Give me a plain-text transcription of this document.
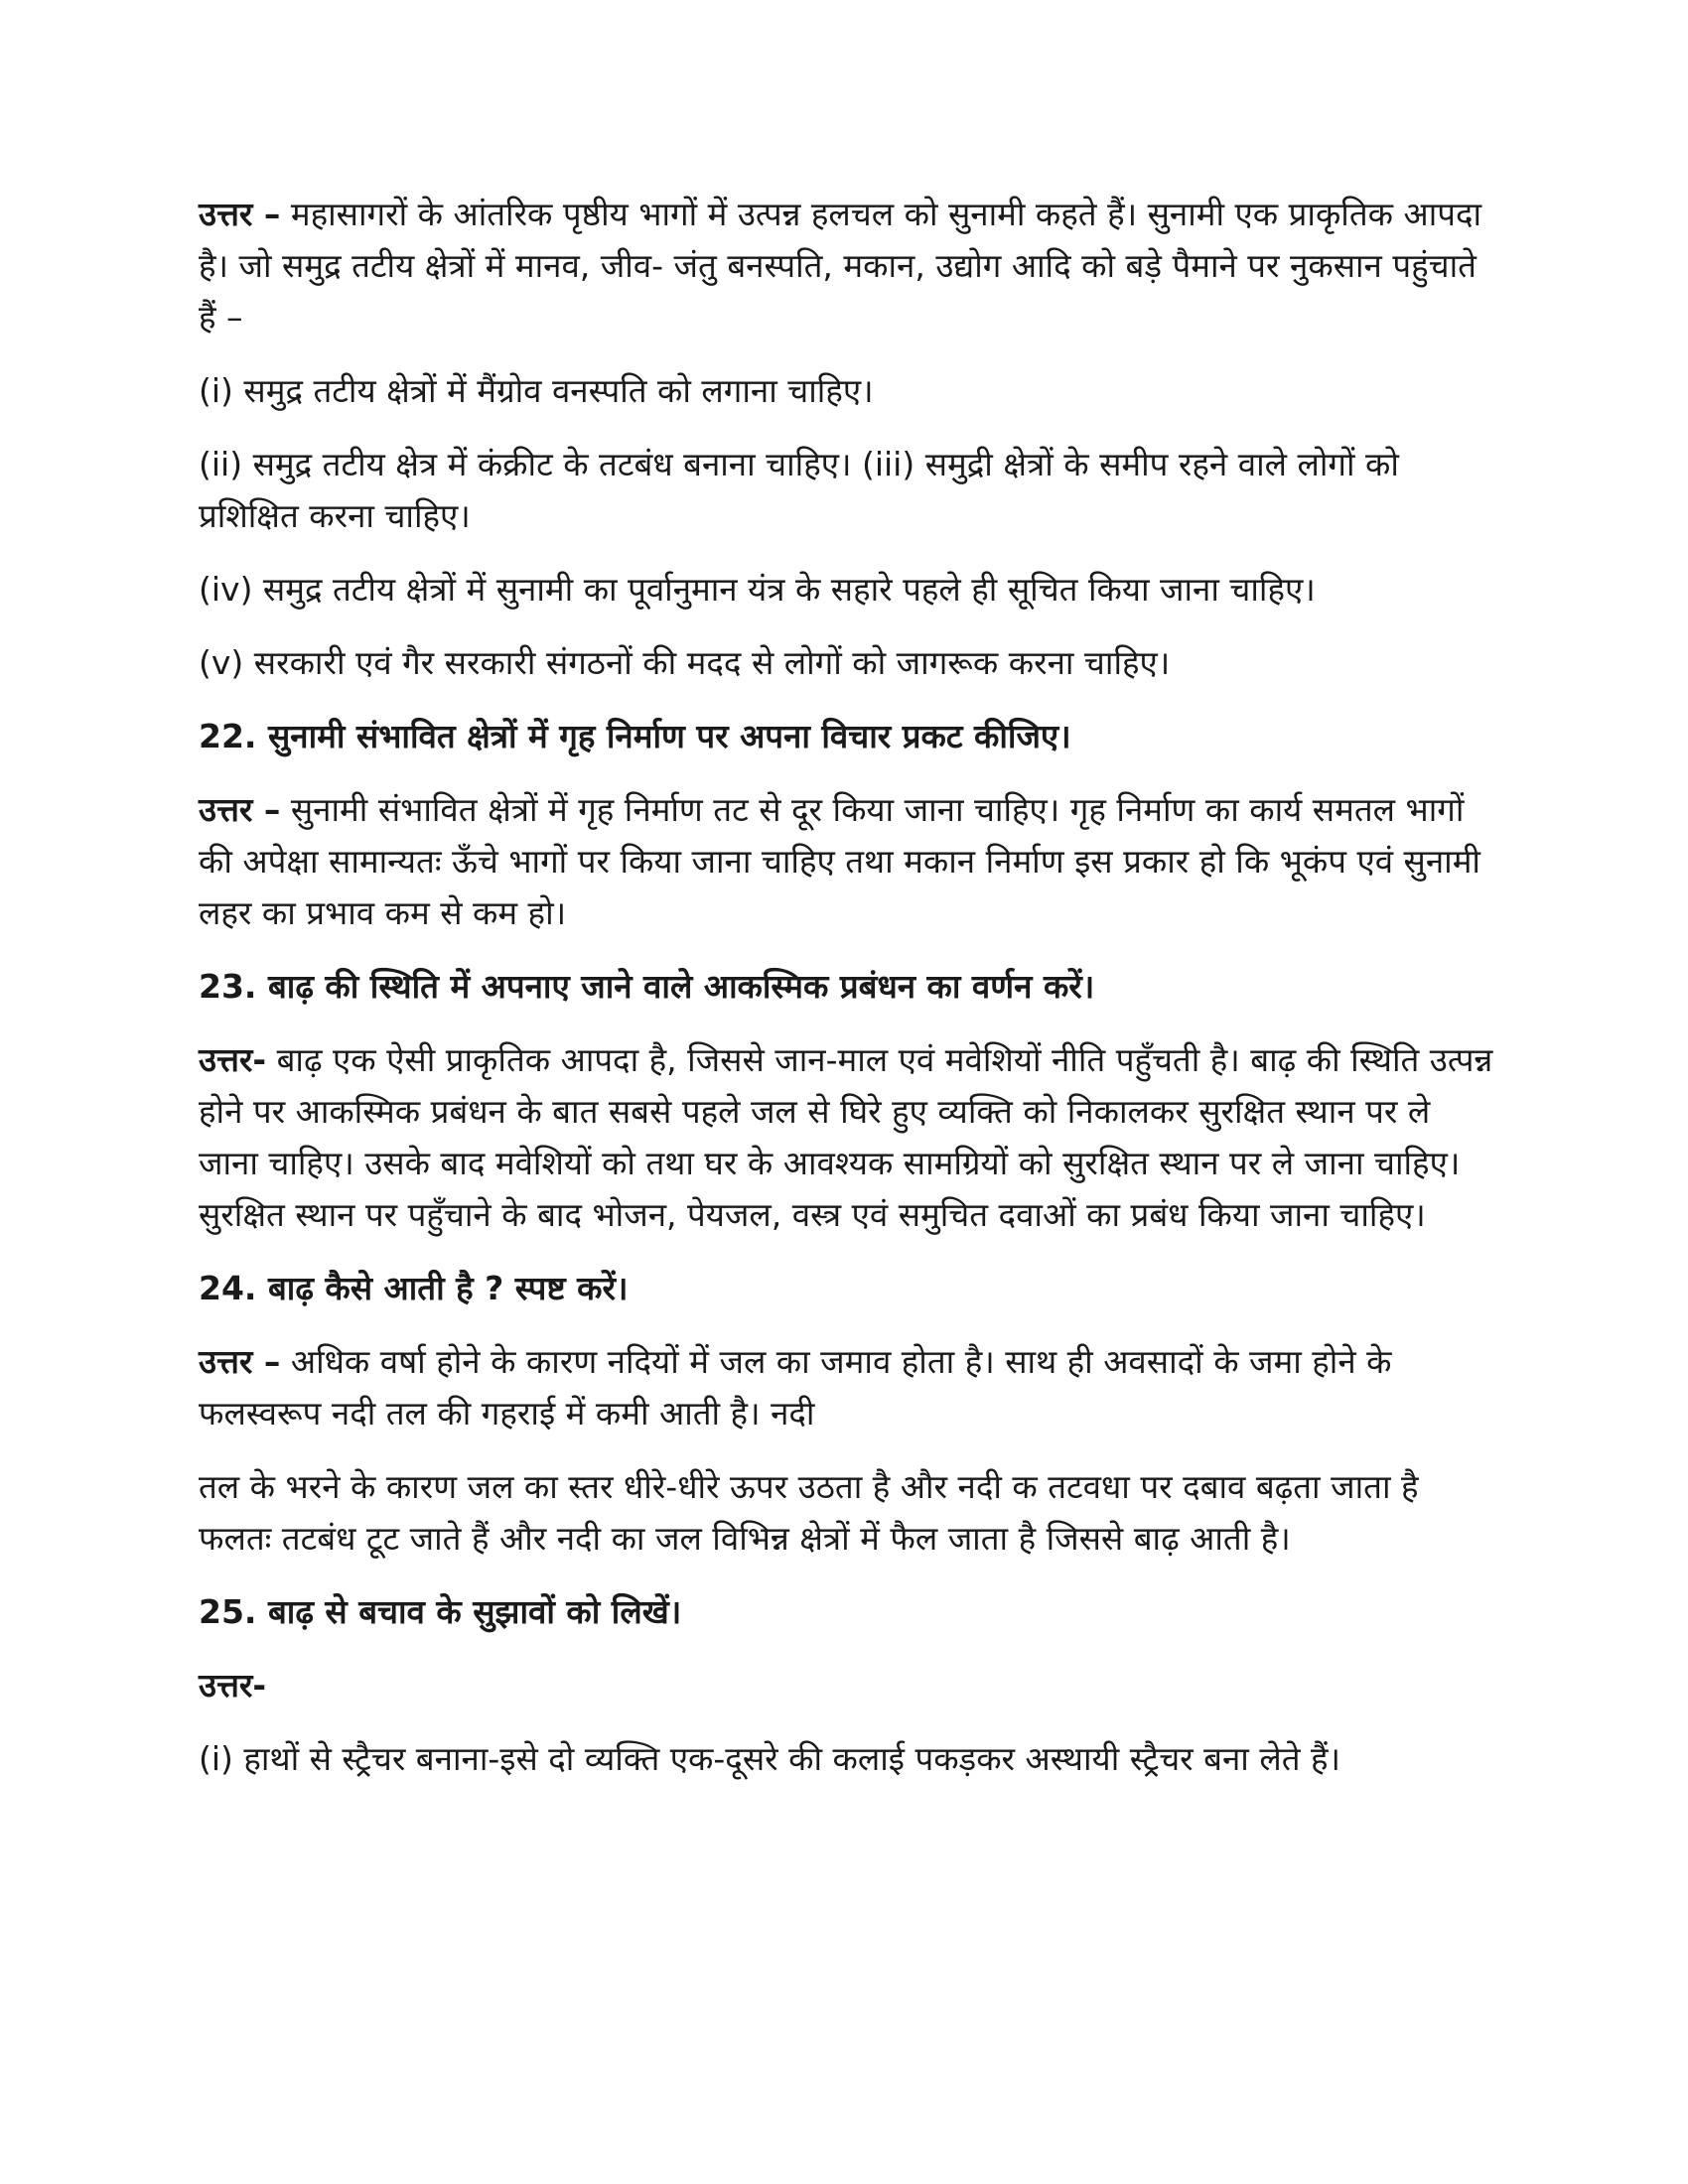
उत्तर – महासागरों के आंतरिक पृष्ठीय भागों में उत्पन्न हलचल को सुनामी कहते हैं। सुनामी एक प्राकृतिक आपदा है। जो समुद्र तटीय क्षेत्रों में मानव, जीव- जंतु बनस्पति, मकान, उद्योग आदि को बड़े पैमाने पर नुकसान पहुंचाते हैं –

(i) समुद्र तटीय क्षेत्रों में मैंग्रोव वनस्पति को लगाना चाहिए।

(ii) समुद्र तटीय क्षेत्र में कंक्रीट के तटबंध बनाना चाहिए। (iii) समुद्री क्षेत्रों के समीप रहने वाले लोगों को प्रशिक्षित करना चाहिए।

(iv) समुद्र तटीय क्षेत्रों में सुनामी का पूर्वानुमान यंत्र के सहारे पहले ही सूचित किया जाना चाहिए।

(v) सरकारी एवं गैर सरकारी संगठनों की मदद से लोगों को जागरूक करना चाहिए।

22. सुनामी संभावित क्षेत्रों में गृह निर्माण पर अपना विचार प्रकट कीजिए।

उत्तर – सुनामी संभावित क्षेत्रों में गृह निर्माण तट से दूर किया जाना चाहिए। गृह निर्माण का कार्य समतल भागों की अपेक्षा सामान्यतः ऊँचे भागों पर किया जाना चाहिए तथा मकान निर्माण इस प्रकार हो कि भूकंप एवं सुनामी लहर का प्रभाव कम से कम हो।

23. बाढ़ की स्थिति में अपनाए जाने वाले आकस्मिक प्रबंधन का वर्णन करें।

उत्तर- बाढ़ एक ऐसी प्राकृतिक आपदा है, जिससे जान-माल एवं मवेशियों नीति पहुँचती है। बाढ़ की स्थिति उत्पन्न होने पर आकस्मिक प्रबंधन के बात सबसे पहले जल से घिरे हुए व्यक्ति को निकालकर सुरक्षित स्थान पर ले जाना चाहिए। उसके बाद मवेशियों को तथा घर के आवश्यक सामग्रियों को सुरक्षित स्थान पर ले जाना चाहिए। सुरक्षित स्थान पर पहुँचाने के बाद भोजन, पेयजल, वस्त्र एवं समुचित दवाओं का प्रबंध किया जाना चाहिए।

24. बाढ़ कैसे आती है ? स्पष्ट करें।

उत्तर – अधिक वर्षा होने के कारण नदियों में जल का जमाव होता है। साथ ही अवसादों के जमा होने के फलस्वरूप नदी तल की गहराई में कमी आती है। नदी

तल के भरने के कारण जल का स्तर धीरे-धीरे ऊपर उठता है और नदी क तटवधा पर दबाव बढ़ता जाता है फलतः तटबंध टूट जाते हैं और नदी का जल विभिन्न क्षेत्रों में फैल जाता है जिससे बाढ़ आती है।

25. बाढ़ से बचाव के सुझावों को लिखें।

उत्तर-

(i) हाथों से स्ट्रैचर बनाना-इसे दो व्यक्ति एक-दूसरे की कलाई पकड़कर अस्थायी स्ट्रैचर बना लेते हैं।
